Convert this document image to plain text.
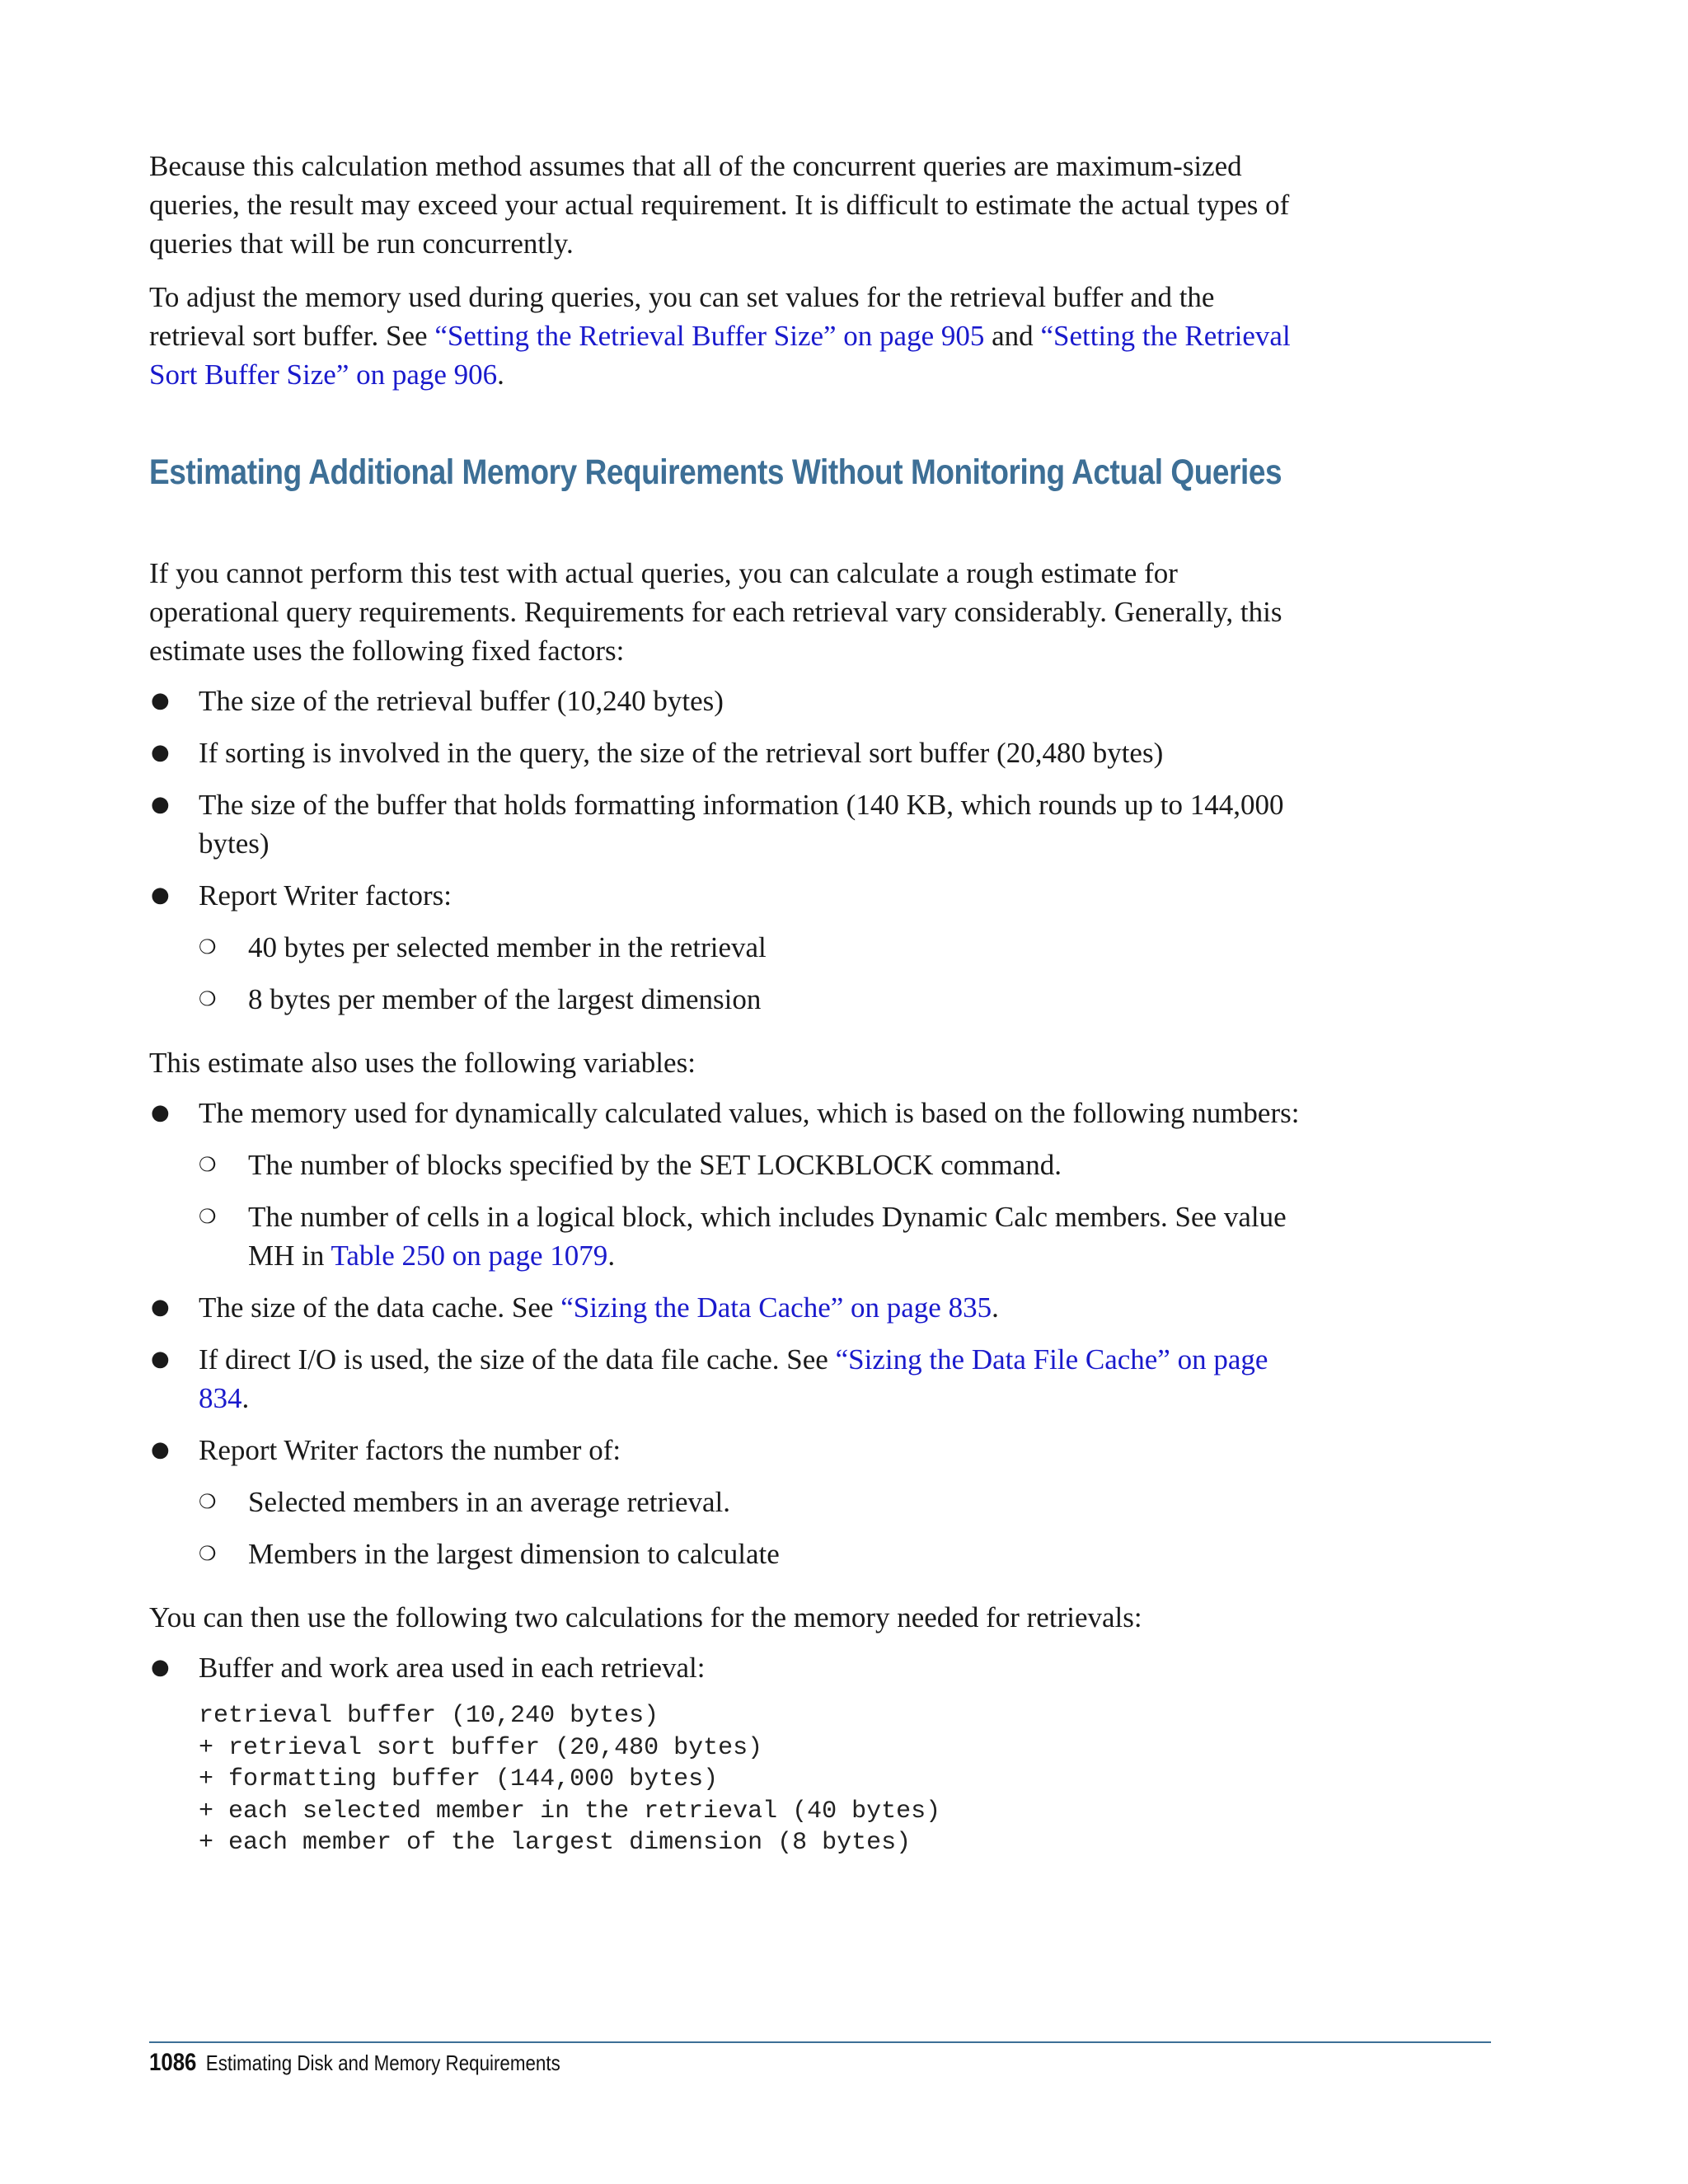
Because this calculation method assumes that all of the concurrent queries are maximum-sized queries, the result may exceed your actual requirement. It is difficult to estimate the actual types of queries that will be run concurrently.

To adjust the memory used during queries, you can set values for the retrieval buffer and the retrieval sort buffer. See “Setting the Retrieval Buffer Size” on page 905 and “Setting the Retrieval Sort Buffer Size” on page 906.

Estimating Additional Memory Requirements Without Monitoring Actual Queries

If you cannot perform this test with actual queries, you can calculate a rough estimate for operational query requirements. Requirements for each retrieval vary considerably. Generally, this estimate uses the following fixed factors:

● The size of the retrieval buffer (10,240 bytes)
● If sorting is involved in the query, the size of the retrieval sort buffer (20,480 bytes)
● The size of the buffer that holds formatting information (140 KB, which rounds up to 144,000 bytes)
● Report Writer factors:
❍ 40 bytes per selected member in the retrieval
❍ 8 bytes per member of the largest dimension

This estimate also uses the following variables:

● The memory used for dynamically calculated values, which is based on the following numbers:
❍ The number of blocks specified by the SET LOCKBLOCK command.
❍ The number of cells in a logical block, which includes Dynamic Calc members. See value MH in Table 250 on page 1079.
● The size of the data cache. See “Sizing the Data Cache” on page 835.
● If direct I/O is used, the size of the data file cache. See “Sizing the Data File Cache” on page 834.
● Report Writer factors the number of:
❍ Selected members in an average retrieval.
❍ Members in the largest dimension to calculate

You can then use the following two calculations for the memory needed for retrievals:

● Buffer and work area used in each retrieval:
retrieval buffer (10,240 bytes)
+ retrieval sort buffer (20,480 bytes)
+ formatting buffer (144,000 bytes)
+ each selected member in the retrieval (40 bytes)
+ each member of the largest dimension (8 bytes)
1086 Estimating Disk and Memory Requirements
